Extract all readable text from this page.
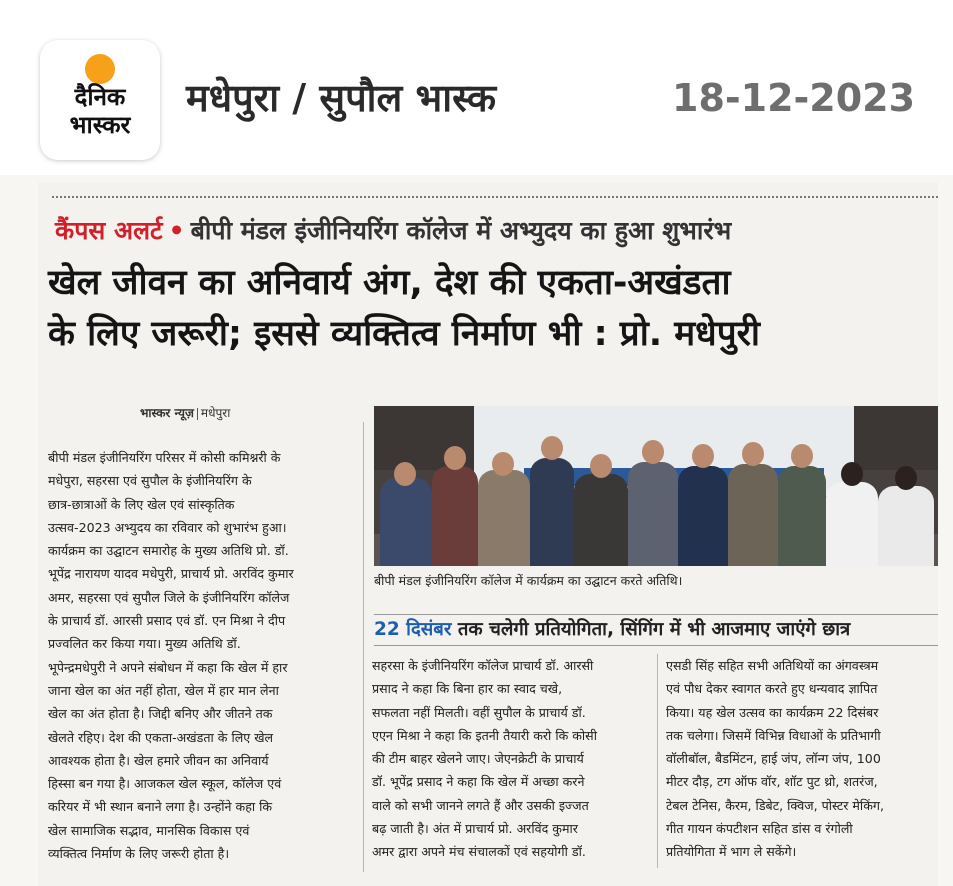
दैनिक
भास्कर
मधेपुरा / सुपौल भास्क	18-12-2023
कैंपस अलर्ट • बीपी मंडल इंजीनियरिंग कॉलेज में अभ्युदय का हुआ शुभारंभ
खेल जीवन का अनिवार्य अंग, देश की एकता-अखंडता
के लिए जरूरी; इससे व्यक्तित्व निर्माण भी : प्रो. मधेपुरी
भास्कर न्यूज़ मधेपुरा
बीपी मंडल इंजीनियरिंग परिसर में कोसी कमिश्नरी के
मधेपुरा, सहरसा एवं सुपौल के इंजीनियरिंग के
छात्र-छात्राओं के लिए खेल एवं सांस्कृतिक
उत्सव-2023 अभ्युदय का रविवार को शुभारंभ हुआ।
कार्यक्रम का उद्घाटन समारोह के मुख्य अतिथि प्रो. डॉ.
भूपेंद्र नारायण यादव मधेपुरी, प्राचार्य प्रो. अरविंद कुमार
अमर, सहरसा एवं सुपौल जिले के इंजीनियरिंग कॉलेज
के प्राचार्य डॉ. आरसी प्रसाद एवं डॉ. एन मिश्रा ने दीप
प्रज्वलित कर किया गया। मुख्य अतिथि डॉ.
भूपेन्द्रमधेपुरी ने अपने संबोधन में कहा कि खेल में हार
जाना खेल का अंत नहीं होता, खेल में हार मान लेना
खेल का अंत होता है। जिद्दी बनिए और जीतने तक
खेलते रहिए। देश की एकता-अखंडता के लिए खेल
आवश्यक होता है। खेल हमारे जीवन का अनिवार्य
हिस्सा बन गया है। आजकल खेल स्कूल, कॉलेज एवं
करियर में भी स्थान बनाने लगा है। उन्होंने कहा कि
खेल सामाजिक सद्भाव, मानसिक विकास एवं
व्यक्तित्व निर्माण के लिए जरूरी होता है।
बीपी मंडल इंजीनियरिंग कॉलेज में कार्यक्रम का उद्घाटन करते अतिथि।
22 दिसंबर तक चलेगी प्रतियोगिता, सिंगिंग में भी आजमाए जाएंगे छात्र
सहरसा के इंजीनियरिंग कॉलेज प्राचार्य डॉ. आरसी
प्रसाद ने कहा कि बिना हार का स्वाद चखे,
सफलता नहीं मिलती। वहीं सुपौल के प्राचार्य डॉ.
एएन मिश्रा ने कहा कि इतनी तैयारी करो कि कोसी
की टीम बाहर खेलने जाए। जेएनक्रेटी के प्राचार्य
डॉ. भूपेंद्र प्रसाद ने कहा कि खेल में अच्छा करने
वाले को सभी जानने लगते हैं और उसकी इज्जत
बढ़ जाती है। अंत में प्राचार्य प्रो. अरविंद कुमार
अमर द्वारा अपने मंच संचालकों एवं सहयोगी डॉ.
एसडी सिंह सहित सभी अतिथियों का अंगवस्त्रम
एवं पौध देकर स्वागत करते हुए धन्यवाद ज्ञापित
किया। यह खेल उत्सव का कार्यक्रम 22 दिसंबर
तक चलेगा। जिसमें विभिन्न विधाओं के प्रतिभागी
वॉलीबॉल, बैडमिंटन, हाई जंप, लॉन्ग जंप, 100
मीटर दौड़, टग ऑफ वॉर, शॉट पुट थ्रो, शतरंज,
टेबल टेनिस, कैरम, डिबेट, क्विज, पोस्टर मेकिंग,
गीत गायन कंपटीशन सहित डांस व रंगोली
प्रतियोगिता में भाग ले सकेंगे।
